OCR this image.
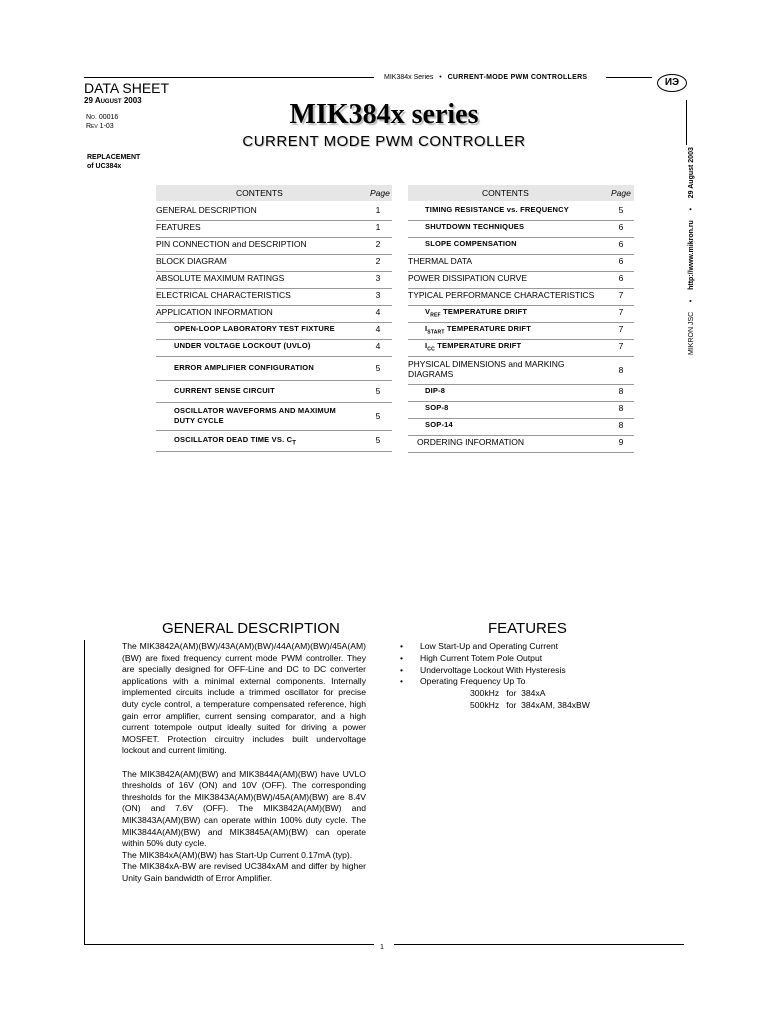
DATA SHEET
29 August 2003
No. 00016
Rev 1-03
REPLACEMENT
of UC384x
MIK384x Series • CURRENT-MODE PWM CONTROLLERS	ИЭ
MIK384x series
CURRENT MODE PWM CONTROLLER
MIKRON JSC     •     http://www.mikron.ru     •     29 August 2003
CONTENTS	Page
GENERAL DESCRIPTION	1
FEATURES	1
PIN CONNECTION and DESCRIPTION	2
BLOCK DIAGRAM	2
ABSOLUTE MAXIMUM RATINGS	3
ELECTRICAL CHARACTERISTICS	3
APPLICATION INFORMATION	4
OPEN-LOOP LABORATORY TEST FIXTURE	4
UNDER VOLTAGE LOCKOUT (UVLO)	4
ERROR AMPLIFIER CONFIGURATION	5
CURRENT SENSE CIRCUIT	5
OSCILLATOR WAVEFORMS AND MAXIMUM
DUTY CYCLE	5
OSCILLATOR DEAD TIME VS. $C_T$	5
CONTENTS	Page
TIMING RESISTANCE vs. FREQUENCY	5
SHUTDOWN TECHNIQUES	6
SLOPE COMPENSATION	6
THERMAL DATA	6
POWER DISSIPATION CURVE	6
TYPICAL PERFORMANCE CHARACTERISTICS	7
$V_{REF}$ TEMPERATURE DRIFT	7
$I_{START}$ TEMPERATURE DRIFT	7
$I_{CC}$ TEMPERATURE DRIFT	7
PHYSICAL DIMENSIONS and MARKING
DIAGRAMS	8
DIP-8	8
SOP-8	8
SOP-14	8
ORDERING INFORMATION	9
GENERAL DESCRIPTION

The MIK3842A(AM)(BW)/43A(AM)(BW)/44A(AM)(BW)/45A(AM)(BW) are fixed frequency current mode PWM controller. They are specially designed for OFF-Line and DC to DC converter applications with a minimal external components. Internally implemented circuits include a trimmed oscillator for precise duty cycle control, a temperature compensated reference, high gain error amplifier, current sensing comparator, and a high current totempole output ideally suited for driving a power MOSFET. Protection circuitry includes built undervoltage lockout and current limiting.

The MIK3842A(AM)(BW) and MIK3844A(AM)(BW) have UVLO thresholds of 16V (ON) and 10V (OFF). The corresponding thresholds for the MIK3843A(AM)(BW)/45A(AM)(BW) are 8.4V (ON) and 7.6V (OFF). The MIK3842A(AM)(BW) and MIK3843A(AM)(BW) can operate within 100% duty cycle. The MIK3844A(AM)(BW) and MIK3845A(AM)(BW) can operate within 50% duty cycle.

The MIK384xA(AM)(BW) has Start-Up Current 0.17mA (typ).

The MIK384xA-BW are revised UC384xAM and differ by higher Unity Gain bandwidth of Error Amplifier.

FEATURES
• Low Start-Up and Operating Current
• High Current Totem Pole Output
• Undervoltage Lockout With Hysteresis
• Operating Frequency Up To
300kHz   for  384xA
500kHz   for  384xAM, 384xBW
1
